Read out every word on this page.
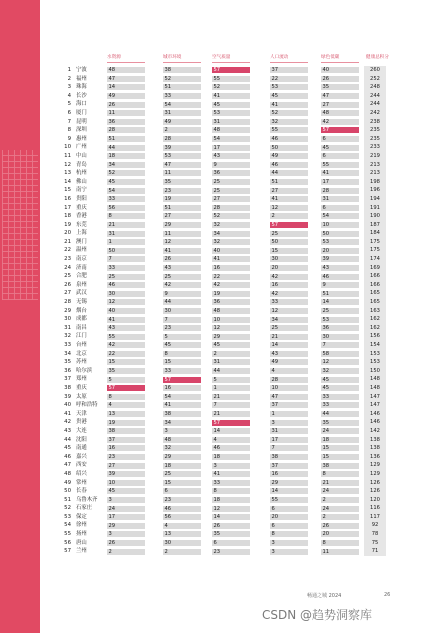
水资源	城市环境	空气质量	人口流动	绿色低碳	健康总积分
1 宁波	48	38	57	37	40	260
2 福州	47	52	55	22	26	252
3 珠海	14	51	52	53	35	248
4 长沙	49	33	41	45	47	244
5 海口	26	54	45	41	27	244
6 厦门	11	31	53	52	48	242
7 昆明	36	49	31	32	42	238
8 深圳	28	2	48	55	57	235
9 惠州	51	28	54	46	6	235
10 广州	44	39	17	50	45	233
11 中山	18	53	43	49	6	219
12 青岛	34	47	9	46	55	213
13 杭州	52	11	36	44	41	213
14 佛山	45	35	25	51	17	198
15 南宁	54	23	25	27	28	196
16 贵阳	33	19	27	41	31	194
17 重庆	56	51	28	12	6	191
18 香港	8	27	52	2	54	190
19 东莞	21	29	32	57	10	187
20 上海	31	11	34	25	50	184
21 澳门	1	12	32	50	53	175
22 温州	50	41	40	15	20	175
23 南京	7	26	41	30	39	174
24 济南	33	43	16	20	43	169
25 合肥	25	25	22	42	46	166
26 泉州	46	42	42	16	9	166
27 武汉	30	9	19	42	51	165
28 无锡	12	44	36	33	14	165
29 烟台	40	30	48	12	25	163
30 成都	41	7	10	34	53	162
31 南昌	43	23	12	25	36	162
32 江门	55	5	29	21	30	156
33 台州	42	45	45	14	7	154
34 北京	22	8	2	43	58	153
35 苏州	15	15	31	49	12	153
36 哈尔滨	35	33	44	4	32	150
37 郑州	5	57	5	28	45	148
38 重庆	57	16	1	10	45	148
39 太原	8	54	21	47	33	147
40 呼和浩特 4	41	7	37	33	147
41 天津	13	38	21	1	44	146
42 贵港	19	34	57	3	35	146
43 大连	38	3	14	31	24	142
44 沈阳	37	48	4	17	18	138
45 南通	16	32	46	7	15	138
46 嘉兴	23	29	18	38	15	136
47 西安	27	18	3	37	38	129
48 绍兴	39	25	41	16	8	129
49 常州	10	15	33	29	21	126
50 长春	45	6	8	14	24	126
51 乌鲁木齐 3	23	18	55	2	120
52 石家庄	24	46	12	6	24	116
53 保定	17	56	14	20	2	117
54 徐州	29	4	26	6	26	92
55 扬州	3	13	35	8	20	78
56 唐山	26	30	6	3	8	75
57 兰州	2	2	23	3	11	71
畅通之城 2024	26
CSDN @趋势洞察库
